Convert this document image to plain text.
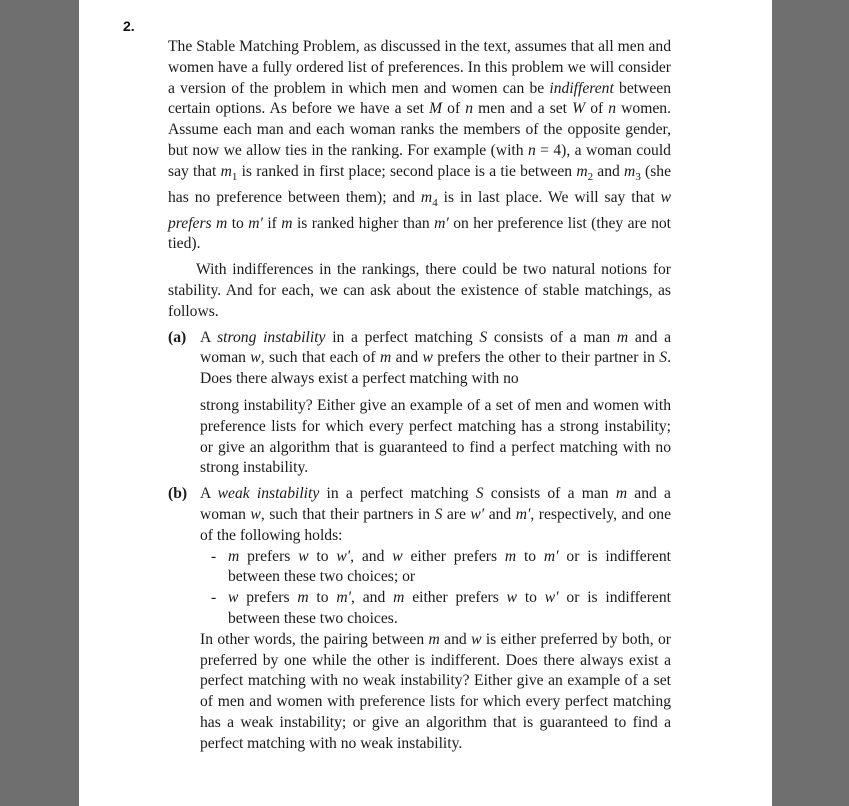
2.

The Stable Matching Problem, as discussed in the text, assumes that all men and women have a fully ordered list of preferences. In this problem we will consider a version of the problem in which men and women can be indifferent between certain options. As before we have a set M of n men and a set W of n women. Assume each man and each woman ranks the members of the opposite gender, but now we allow ties in the ranking. For example (with n = 4), a woman could say that $m_1$ is ranked in first place; second place is a tie between $m_2$ and $m_3$ (she has no preference between them); and $m_4$ is in last place. We will say that w prefers m to m′ if m is ranked higher than m′ on her preference list (they are not tied).

With indifferences in the rankings, there could be two natural notions for stability. And for each, we can ask about the existence of stable matchings, as follows.

(a) A strong instability in a perfect matching S consists of a man m and a woman w, such that each of m and w prefers the other to their partner in S. Does there always exist a perfect matching with no

strong instability? Either give an example of a set of men and women with preference lists for which every perfect matching has a strong instability; or give an algorithm that is guaranteed to find a perfect matching with no strong instability.

(b) A weak instability in a perfect matching S consists of a man m and a woman w, such that their partners in S are w′ and m′, respectively, and one of the following holds:

- m prefers w to w′, and w either prefers m to m′ or is indifferent between these two choices; or

- w prefers m to m′, and m either prefers w to w′ or is indifferent between these two choices.

In other words, the pairing between m and w is either preferred by both, or preferred by one while the other is indifferent. Does there always exist a perfect matching with no weak instability? Either give an example of a set of men and women with preference lists for which every perfect matching has a weak instability; or give an algorithm that is guaranteed to find a perfect matching with no weak instability.
